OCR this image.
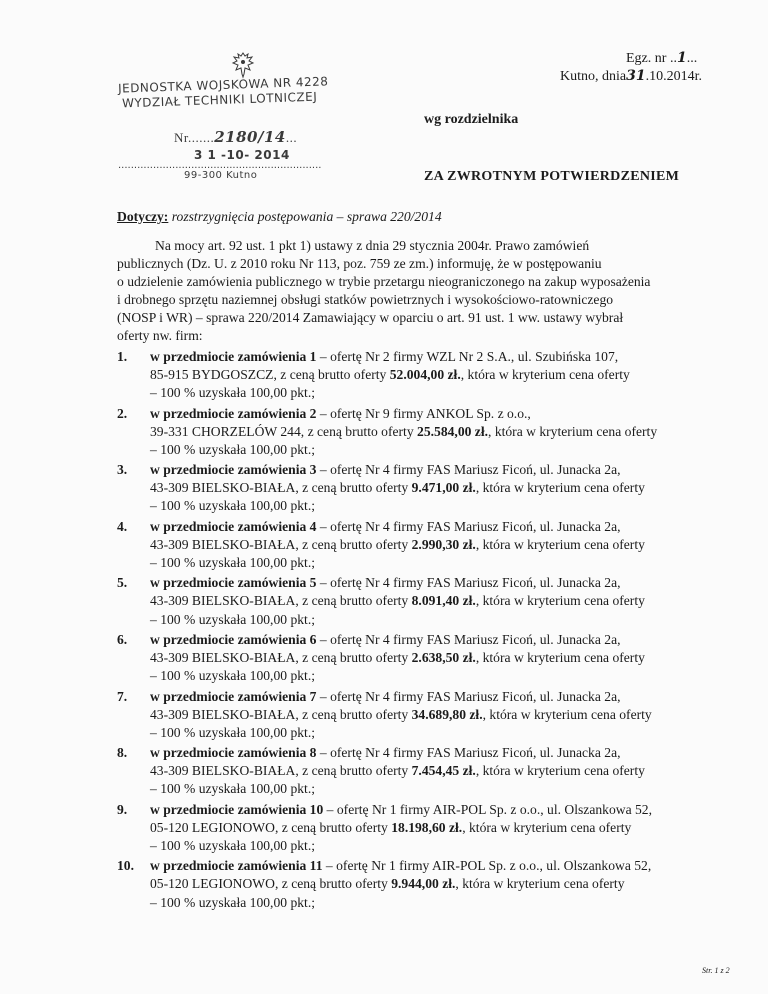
JEDNOSTKA WOJSKOWA NR 4228
WYDZIAŁ TECHNIKI LOTNICZEJ
Nr.......2180/14...
3 1 -10- 2014
................................................................
99-300 Kutno
Egz. nr ..1...
Kutno, dnia31.10.2014r.
wg rozdzielnika
ZA ZWROTNYM POTWIERDZENIEM
Dotyczy: rozstrzygnięcia postępowania – sprawa 220/2014
Na mocy art. 92 ust. 1 pkt 1) ustawy z dnia 29 stycznia 2004r. Prawo zamówień
publicznych (Dz. U. z 2010 roku Nr 113, poz. 759 ze zm.) informuję, że w postępowaniu
o udzielenie zamówienia publicznego w trybie przetargu nieograniczonego na zakup wyposażenia
i drobnego sprzętu naziemnej obsługi statków powietrznych i wysokościowo-ratowniczego
(NOSP i WR) – sprawa 220/2014 Zamawiający w oparciu o art. 91 ust. 1 ww. ustawy wybrał
oferty nw. firm:
1. w przedmiocie zamówienia 1 – ofertę Nr 2 firmy WZL Nr 2 S.A., ul. Szubińska 107,
85-915 BYDGOSZCZ, z ceną brutto oferty 52.004,00 zł., która w kryterium cena oferty
– 100 % uzyskała 100,00 pkt.;
2. w przedmiocie zamówienia 2 – ofertę Nr 9 firmy ANKOL Sp. z o.o.,
39-331 CHORZELÓW 244, z ceną brutto oferty 25.584,00 zł., która w kryterium cena oferty
– 100 % uzyskała 100,00 pkt.;
3. w przedmiocie zamówienia 3 – ofertę Nr 4 firmy FAS Mariusz Ficoń, ul. Junacka 2a,
43-309 BIELSKO-BIAŁA, z ceną brutto oferty 9.471,00 zł., która w kryterium cena oferty
– 100 % uzyskała 100,00 pkt.;
4. w przedmiocie zamówienia 4 – ofertę Nr 4 firmy FAS Mariusz Ficoń, ul. Junacka 2a,
43-309 BIELSKO-BIAŁA, z ceną brutto oferty 2.990,30 zł., która w kryterium cena oferty
– 100 % uzyskała 100,00 pkt.;
5. w przedmiocie zamówienia 5 – ofertę Nr 4 firmy FAS Mariusz Ficoń, ul. Junacka 2a,
43-309 BIELSKO-BIAŁA, z ceną brutto oferty 8.091,40 zł., która w kryterium cena oferty
– 100 % uzyskała 100,00 pkt.;
6. w przedmiocie zamówienia 6 – ofertę Nr 4 firmy FAS Mariusz Ficoń, ul. Junacka 2a,
43-309 BIELSKO-BIAŁA, z ceną brutto oferty 2.638,50 zł., która w kryterium cena oferty
– 100 % uzyskała 100,00 pkt.;
7. w przedmiocie zamówienia 7 – ofertę Nr 4 firmy FAS Mariusz Ficoń, ul. Junacka 2a,
43-309 BIELSKO-BIAŁA, z ceną brutto oferty 34.689,80 zł., która w kryterium cena oferty
– 100 % uzyskała 100,00 pkt.;
8. w przedmiocie zamówienia 8 – ofertę Nr 4 firmy FAS Mariusz Ficoń, ul. Junacka 2a,
43-309 BIELSKO-BIAŁA, z ceną brutto oferty 7.454,45 zł., która w kryterium cena oferty
– 100 % uzyskała 100,00 pkt.;
9. w przedmiocie zamówienia 10 – ofertę Nr 1 firmy AIR-POL Sp. z o.o., ul. Olszankowa 52,
05-120 LEGIONOWO, z ceną brutto oferty 18.198,60 zł., która w kryterium cena oferty
– 100 % uzyskała 100,00 pkt.;
10. w przedmiocie zamówienia 11 – ofertę Nr 1 firmy AIR-POL Sp. z o.o., ul. Olszankowa 52,
05-120 LEGIONOWO, z ceną brutto oferty 9.944,00 zł., która w kryterium cena oferty
– 100 % uzyskała 100,00 pkt.;
Str. 1 z 2
